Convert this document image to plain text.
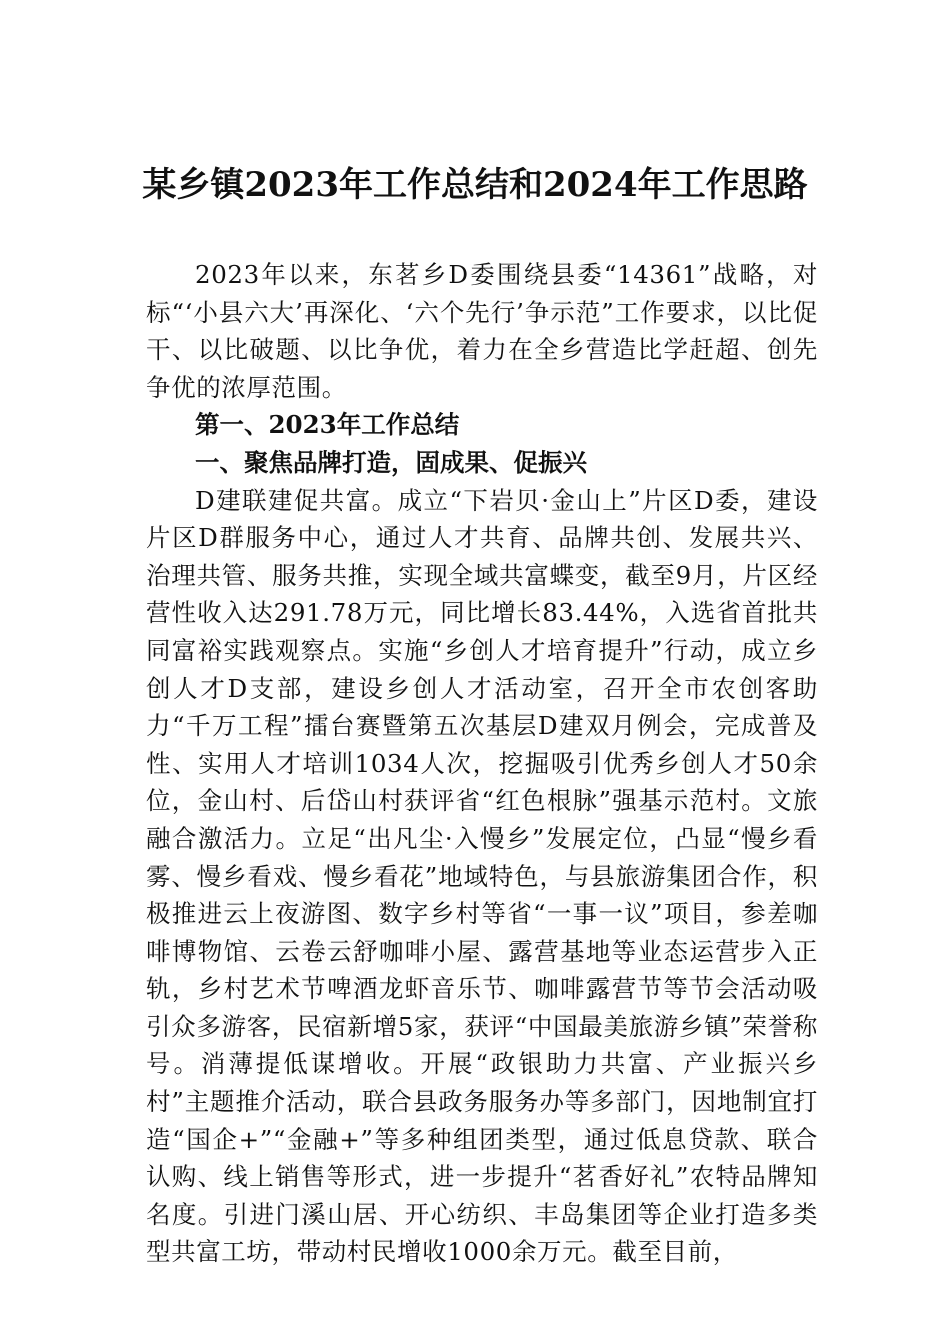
某乡镇2023年工作总结和2024年工作思路

2023年以来，东茗乡D委围绕县委“14361”战略，对标“‘小县六大’再深化、‘六个先行’争示范”工作要求，以比促干、以比破题、以比争优，着力在全乡营造比学赶超、创先争优的浓厚范围。

第一、2023年工作总结

一、聚焦品牌打造，固成果、促振兴

D建联建促共富。成立“下岩贝·金山上”片区D委，建设片区D群服务中心，通过人才共育、品牌共创、发展共兴、治理共管、服务共推，实现全域共富蝶变，截至9月，片区经营性收入达291.78万元，同比增长83.44%，入选省首批共同富裕实践观察点。实施“乡创人才培育提升”行动，成立乡创人才D支部，建设乡创人才活动室，召开全市农创客助力“千万工程”擂台赛暨第五次基层D建双月例会，完成普及性、实用人才培训1034人次，挖掘吸引优秀乡创人才50余位，金山村、后岱山村获评省“红色根脉”强基示范村。文旅融合激活力。立足“出凡尘·入慢乡”发展定位，凸显“慢乡看雾、慢乡看戏、慢乡看花”地域特色，与县旅游集团合作，积极推进云上夜游图、数字乡村等省“一事一议”项目，参差咖啡博物馆、云卷云舒咖啡小屋、露营基地等业态运营步入正轨，乡村艺术节啤酒龙虾音乐节、咖啡露营节等节会活动吸引众多游客，民宿新增5家，获评“中国最美旅游乡镇”荣誉称号。消薄提低谋增收。开展“政银助力共富、产业振兴乡村”主题推介活动，联合县政务服务办等多部门，因地制宜打造“国企+”“金融+”等多种组团类型，通过低息贷款、联合认购、线上销售等形式，进一步提升“茗香好礼”农特品牌知名度。引进门溪山居、开心纺织、丰岛集团等企业打造多类型共富工坊，带动村民增收1000余万元。截至目前，
